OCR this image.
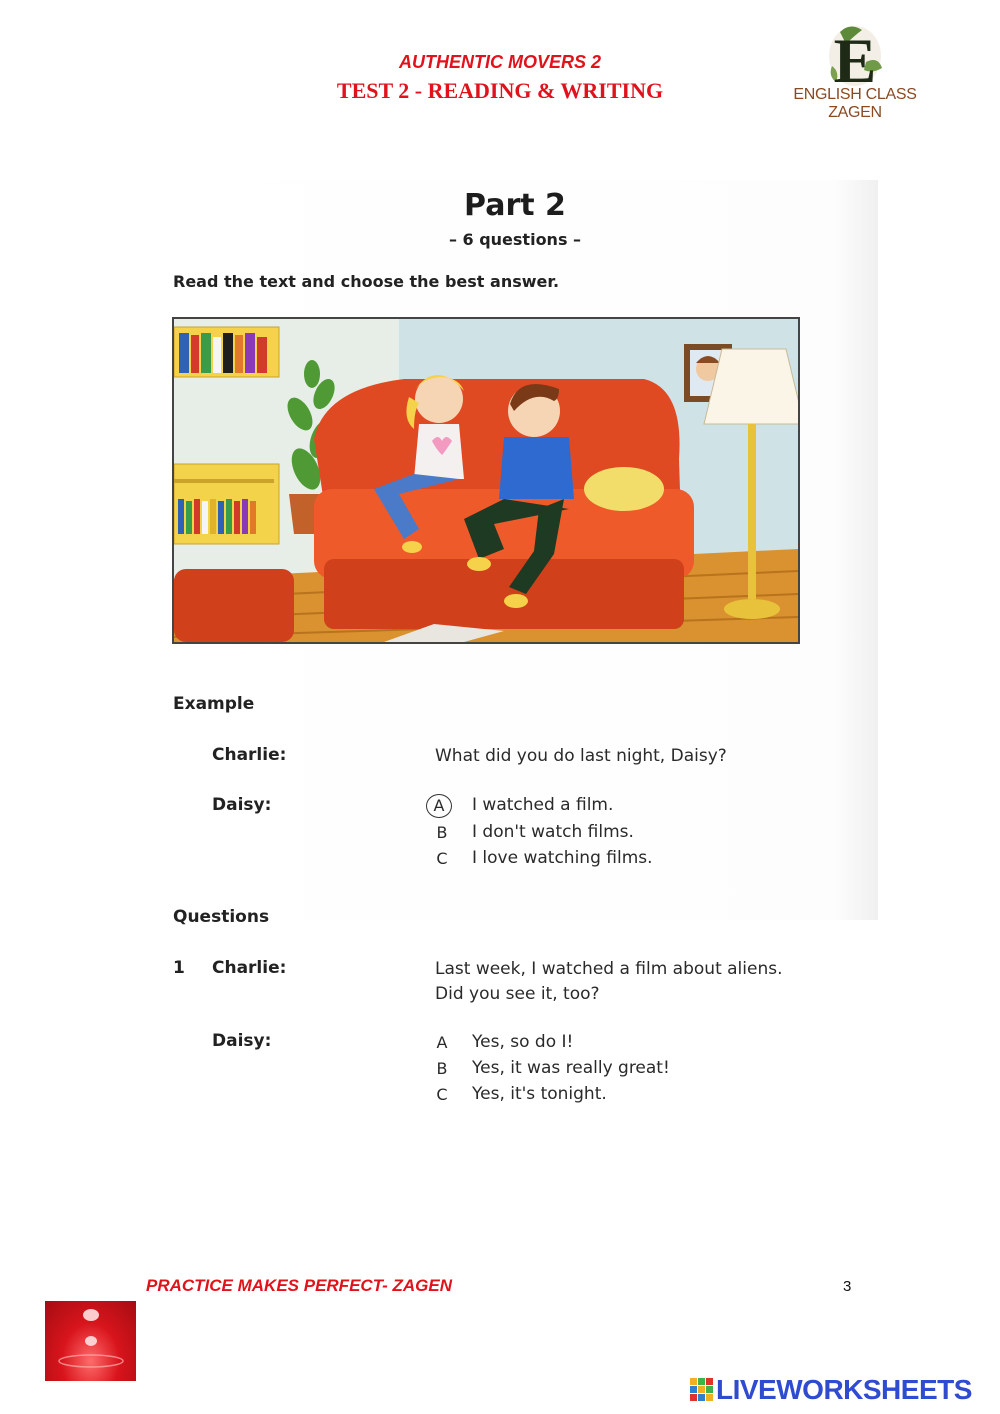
AUTHENTIC MOVERS 2
TEST 2 - READING & WRITING	E
ENGLISH CLASS ZAGEN
Part 2
– 6 questions –
Read the text and choose the best answer.
Example
Charlie:	What did you do last night, Daisy?
Daisy:	A	I watched a film.
B I don't watch films.
C I love watching films.
Questions
1 Charlie:	Last week, I watched a film about aliens.
Did you see it, too?
Daisy:	A Yes, so do I!
B Yes, it was really great!
C Yes, it's tonight.
PRACTICE MAKES PERFECT- ZAGEN	3
LIVEWORKSHEETS
